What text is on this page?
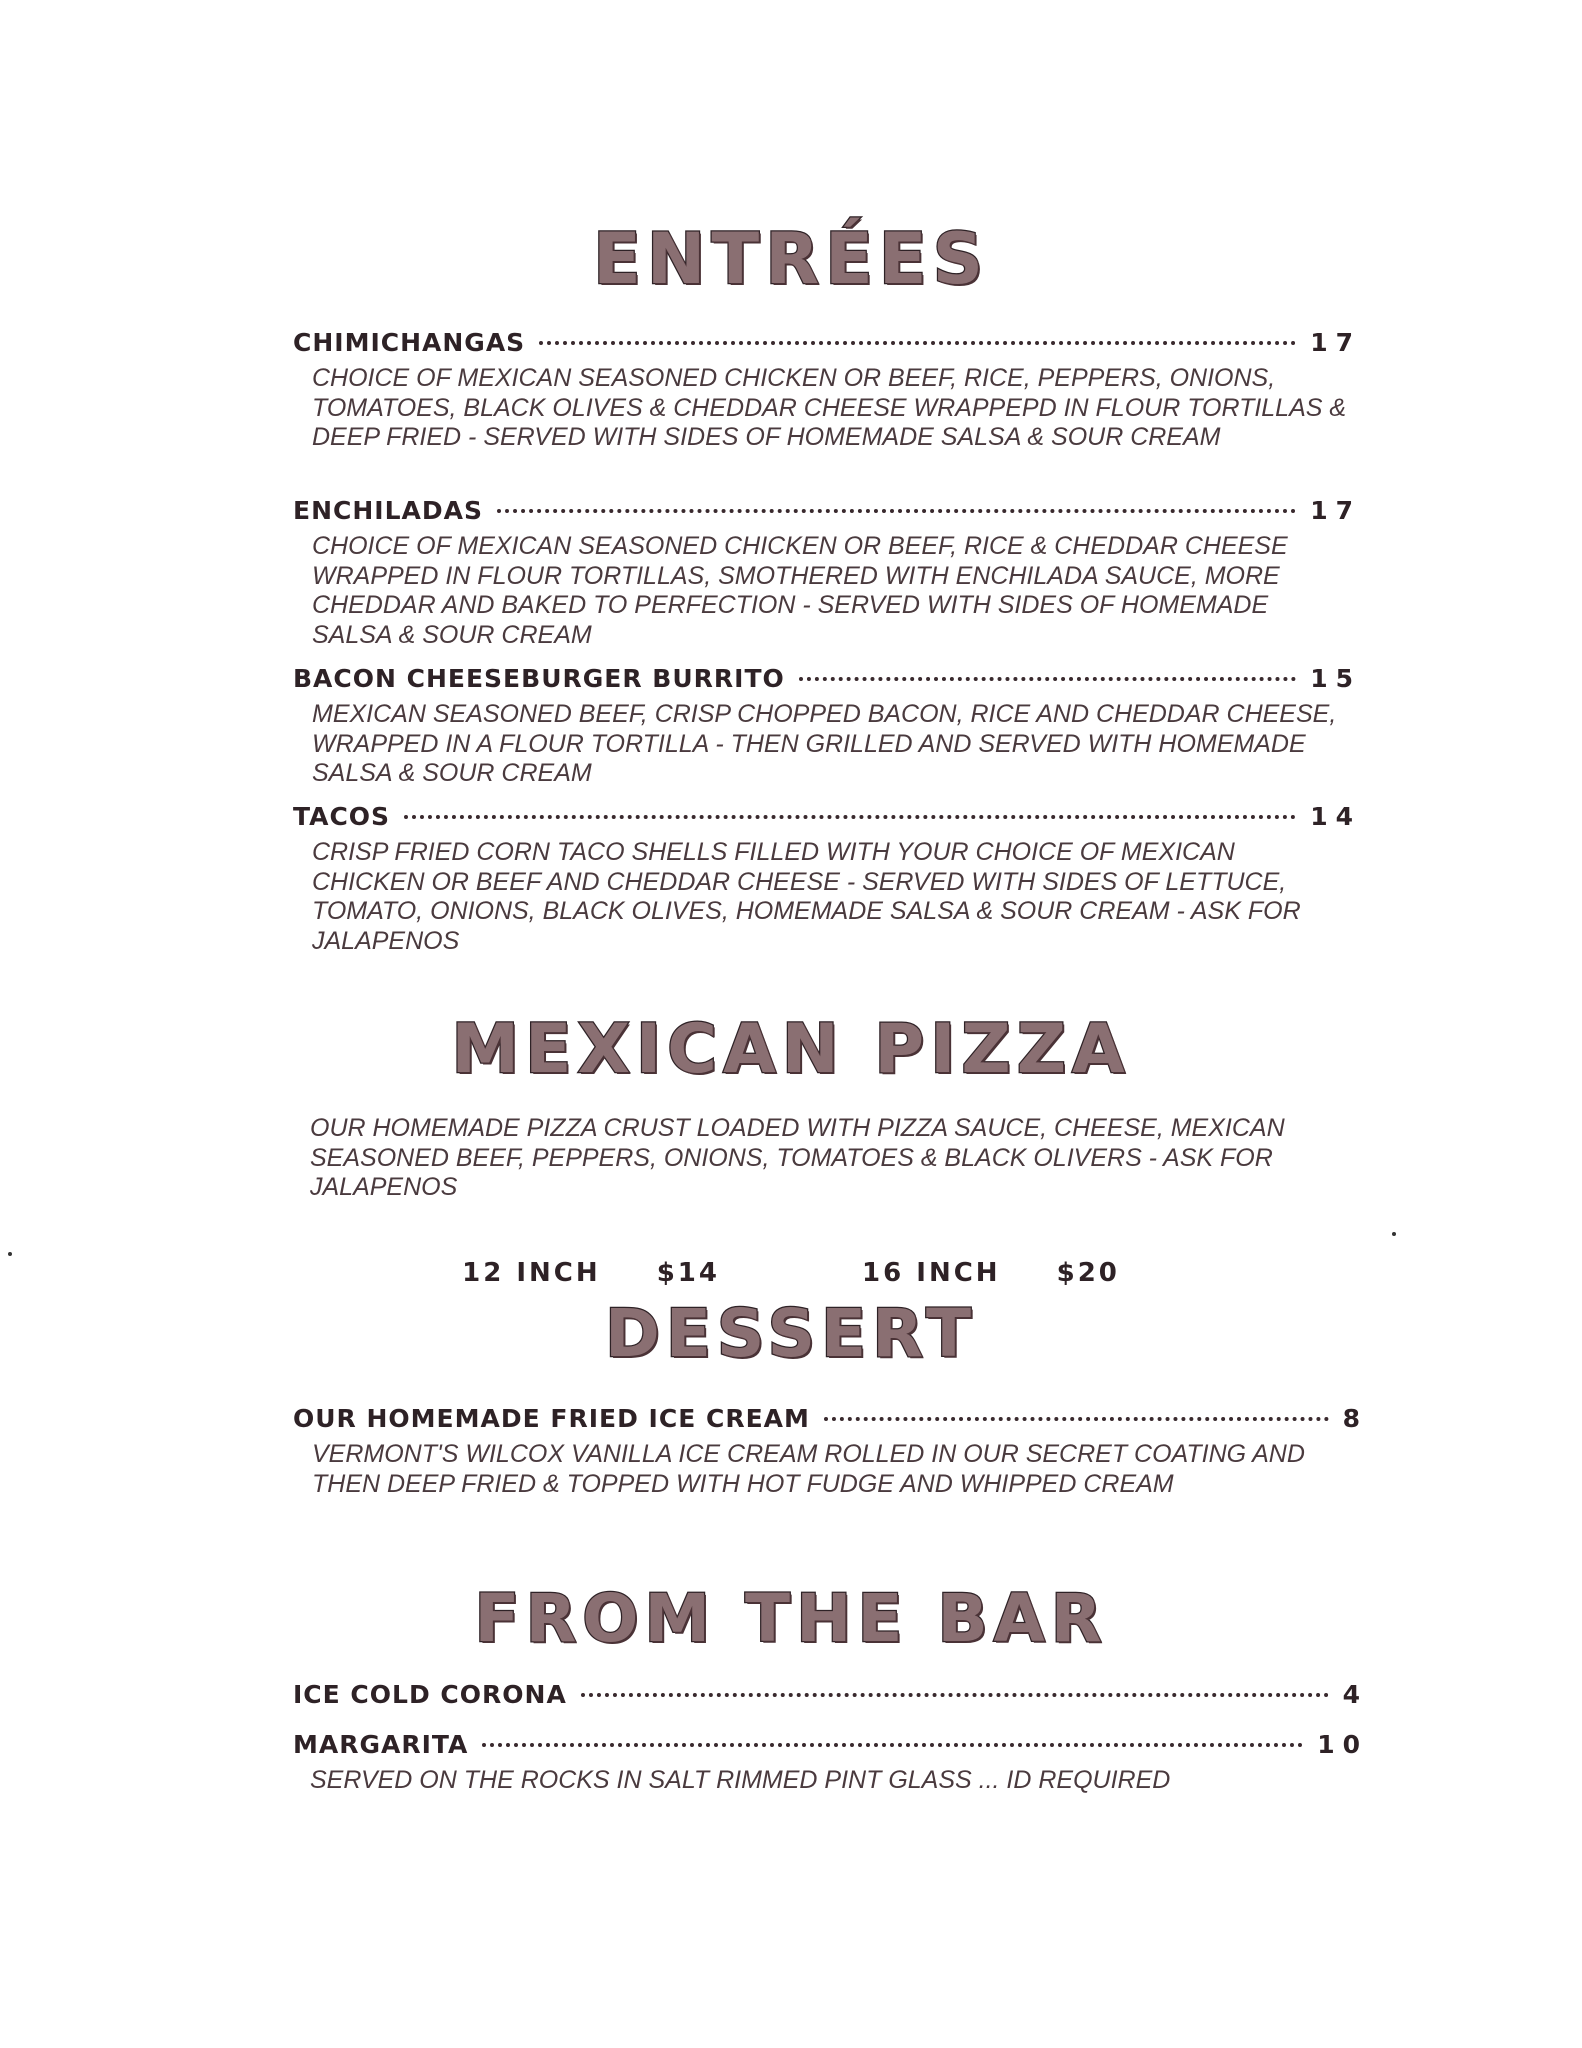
ENTRÉES
CHIMICHANGAS	17
CHOICE OF MEXICAN SEASONED CHICKEN OR BEEF, RICE, PEPPERS, ONIONS, TOMATOES, BLACK OLIVES & CHEDDAR CHEESE WRAPPEPD IN FLOUR TORTILLAS & DEEP FRIED - SERVED WITH SIDES OF HOMEMADE SALSA & SOUR CREAM
ENCHILADAS	17
CHOICE OF MEXICAN SEASONED CHICKEN OR BEEF, RICE & CHEDDAR CHEESE WRAPPED IN FLOUR TORTILLAS, SMOTHERED WITH ENCHILADA SAUCE, MORE CHEDDAR AND BAKED TO PERFECTION - SERVED WITH SIDES OF HOMEMADE SALSA & SOUR CREAM
BACON CHEESEBURGER BURRITO	15
MEXICAN SEASONED BEEF, CRISP CHOPPED BACON, RICE AND CHEDDAR CHEESE, WRAPPED IN A FLOUR TORTILLA - THEN GRILLED AND SERVED WITH HOMEMADE SALSA & SOUR CREAM
TACOS	14
CRISP FRIED CORN TACO SHELLS FILLED WITH YOUR CHOICE OF MEXICAN CHICKEN OR BEEF AND CHEDDAR CHEESE - SERVED WITH SIDES OF LETTUCE, TOMATO, ONIONS, BLACK OLIVES, HOMEMADE SALSA & SOUR CREAM - ASK FOR JALAPENOS
MEXICAN PIZZA
OUR HOMEMADE PIZZA CRUST LOADED WITH PIZZA SAUCE, CHEESE, MEXICAN SEASONED BEEF, PEPPERS, ONIONS, TOMATOES & BLACK OLIVERS - ASK FOR JALAPENOS
12 INCH $14	16 INCH $20
DESSERT
OUR HOMEMADE FRIED ICE CREAM	8
VERMONT'S WILCOX VANILLA ICE CREAM ROLLED IN OUR SECRET COATING AND THEN DEEP FRIED & TOPPED WITH HOT FUDGE AND WHIPPED CREAM
FROM THE BAR
ICE COLD CORONA	4
MARGARITA	10
SERVED ON THE ROCKS IN SALT RIMMED PINT GLASS ... ID REQUIRED
